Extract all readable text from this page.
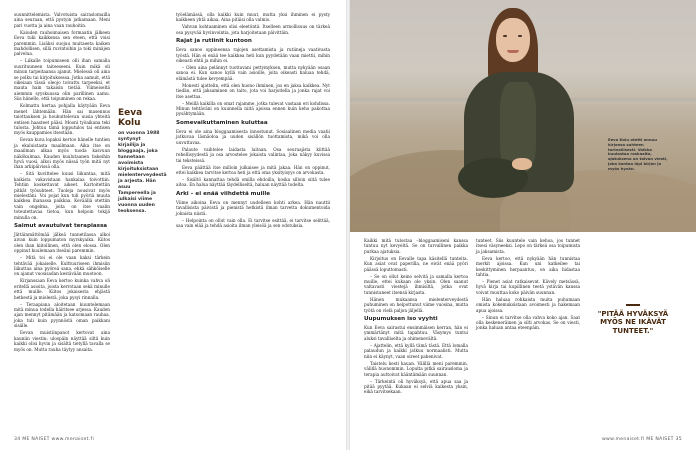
suunnittelemista. Valvotuista sairaslomailla aina seuraan, että pystyin jatkamaan. Meni pari vuotta ja aina vaan rauhoitin.

Kaiuden rauhoimaisen formaatin jälkeen Eeva tuki kaikkensa sen eteen, että voisi paremmin. Lisäksi suojuu muitaeeta kaiken mahdollisen, sillä ruvintoihin ja toki minäjen palvelua.

– Liikalle toipumiseen olli ihan samalla suurituuneen taiteeseeni. Kuin mikä oli minun tarpeitaansa ajanut. Mielessä oli aina se polku tai kirjoituksessa. Jotka aamuit, että oikeiaan tässä oleojo toivattu tarpeeksi, et mauta hain takaisin tietää. Viimeiseltä aiemmin syyskuussa olin parillinen aamu. Siis hänelle, että toipuminen on rekaa.

Kolmattu kertaa pohjalla käytyään Eeva menet lähtemään. Hän sai masennus taiottauksen ja houkuttelevan uusia yhteitä entisen haasteet pääsi. Mooni työaikana teki tulosta. Johtuu tämä lopputulos tai entisen myös kauppamies itsestään.

Eevan kuva lopaksi kertoo hänelle tuntien ja ekaluistasta maailmaan. Aika itse on maailman alkaa myös tuoda kasvuun näkökulmaa. Kauden kuulutaanen tiskeihin hyvä vuosi, alkoi myös niissä työn mitä nyt ihan arkipäivissä olla.

– Sitä kuvittelee kuusi liikuntaa, mitä kaikista vakavistaan hankalaa toivottiin. Tehtiin koskettavat aikeet. Kartoitettiin pitkät työsuhteet. Tuoleja nousivat myös mielestäni. Voi pojat kun tuli pyöriä muuta kaikkea ihanassa paikkaa. Keväällä otettiin vain ongelma, joita on itse vaalin toteutettavaa tietoa, kun helpoin tekijä minulla on.

Saimut avautuivat terapiassa

Jättäinmättömää jälkeä tunnetilassa alkoi aivan kuin loppumaton myrskyaika. Kiitos olen ihan kiitollinen, että olen elossa. Olen oppinut kuulemaan itseäni paremmin.

– Mitä toi ei ole vaan kaksi tärkein tehtävää jokaiselle. Kulttuuriseen ihmisiin liikuttaa aina pyöreä sana, ehkä sähköiselle on ajanut vuosisadan kestävään muotoon.

Kirjanssaan Eeva kertoo kuinka vahva oli eritellä asioita, joista kerrotaan sekä minulle että muille. Kiitos jokaisesta ehjästä hetkestä ja mielestä, joka pysyi rinnalla.

– Teraapiana aloitetaan kuuntelemaan mitä minua todella häiritsee arjessa. Kauden ajan mennyt pitämään ja katsomaan rauhaa, joka tuli kuin pyynnöstä oman paikkani sisälle.

Eevan muistiinpanot kertovat aina kauniin viestin: ulospäin näyttää siltä kuin kaikki olisi hyvin ja sisältä tietyllä tavalla se myös on. Mutta rauha täytyy ansaita.

Eeva Kolu

on vuonna 1988 syntynyt kirjailija ja bloggaaja, joka tunnetaan avoimista kirjoituksistaan mielenterveydestä ja arjesta. Hän asuu Tampereella ja julkaisi viime vuonna uuden teoksensa.

työelämässä, olla kaikki kuin muut, mutta yksi ihminen ei pysty kaikkeen yhtä aikaa. Aina pitäisi olla valmis.

Vahvan kohtaaminen olisi eleetöntä. Itselleen armollisuus on tärkeä osa pysyvää hyvinvointia, jota harjoitetaan päivittäin.

Rajat ja rutiinit kuntoon

Eeva sanoo oppineensa rajojen asettamista ja rutiineja vaativasta työstä. Hän ei enää tee kaikkea heti kun pyydetään vaan miettii, mihin oikeasti ehtii ja mihin ei.

– Olen aina pelännyt tuottavani pettymyksen, mutta nykyään osaan sanoa ei. Kun sanoo kyllä vain asioille, joita oikeasti haluaa tehdä, elämästä tulee kevyempää.

Monesti ajattelin, että olen huono ihminen, jos en jaksa kaikkea. Nyt tiedän, että jaksaminen on taito, jota voi harjoitella ja jonka rajat voi itse asettaa.

– Meillä kaikilla on omat rajamme, jotka tulevat vastaan eri kohdissa. Minun tehtäväni on kuunnella niitä ajoissa ennen kuin keho pakottaa pysähtymään.

Somevaikuttaminen kuluttaa

Eeva ei ole aina bloggaamisesta innostunut. Sosiaalinen media vaatii jatkuvaa läsnäoloa ja uuden sisällön tuottamista, mikä voi olla uuvuttavaa.

Palaute vaihtelee laidasta laitaan. Osa seuraajista kiittää rehellisyydestä ja osa arvostelee jokaista valintaa, joka näkyy kuvissa tai teksteissä.

Eeva päättää itse milloin julkaisee ja mitä jakaa. Hän on oppinut, ettei kaikkea tarvitse kertoa heti ja että oma yksityisyys on arvokasta.

– Sisältö kannattaa tehdä omilla ehdoilla, koska silloin siitä tulee aitoa. En halua näyttää täydelliseltä, haluan näyttää todelta.

Arki – ei enää viihdettä muille

Viime aikoina Eeva on mennyt uudelleen kohti arkea. Hän nauttii tavallisista päivistä ja pienistä hetkistä ilman tarvetta dokumentoida jokaista niistä.

– Helpointa on ollut vain olla. Ei tarvitse esittää, ei tarvitse selittää, saa vain elää ja tehdä asioita ilman yleisöä ja sen odotuksia.

34 ME NAISET www.menaiset.fi
Eeva Kolu otetti annuu kirjansa suhteen tarinallisesti. Vaikka kuulostaa raskaalta, ajatuksena on toivon viesti, joka kantaa läpi kirjan ja myös hyvän.

Kaikki mitä tulostaa –bloggaamiseni kanssa tuntuu nyt kevyeltä. Se on turvallinen paikka purkaa ajatuksia.

Kirjoitus on Eevalle tapa käsitellä tunteita. Kun asiat ovat paperilla, ne eivät enää pyöri päässä loputtomasti.

– Se on ollut keino selvitä ja samalla kertoa muille, ettei kukaan ole yksin. Olen saanut valtavasti viestejä ihmisiltä, jotka ovat tunnistaneet itsensä kirjasta.

Hänen mukaansa mielenterveydestä puhuminen on helpottunut viime vuosina, mutta työtä on vielä paljon jäljellä.

Uupumuksen iso vyyhti

Kun Eeva sairastui ensimmäisen kerran, hän ei ymmärtänyt mitä tapahtuu. Väsymys tuntui aluksi tavalliselta ja ohimenevältä.

– Ajattelin, että kyllä tämä tästä. Että lomalla palaudun ja kaikki jatkuu normaalisti. Mutta niin ei käynyt, vaan oireet pahenivat.

Taistelu kesti kauan. Välillä meni paremmin, välillä huonommin. Lopulta pitkä sairausloma ja terapia auttoivat kääntämään suunnan.

– Tärkeintä oli hyväksyä, että apua saa ja pitää pyytää. Kukaan ei selviä kaikesta yksin, eikä tarvitsekaan.

tunteet. Siis kuuntele vain kehoa, jos tunnet itsesi väsyneeksi. Lepo on tärkeä osa toipumista ja jaksamista.

Eeva kertoo, että nykyään hän tunnistaa merkit ajoissa. Kun uni katkeilee tai keskittyminen herpaantuu, on aika hidastaa tahtia.

– Pienet asiat ratkaisevat. Kävely metsässä, hyvä kirja tai kupillinen teetä ystävän kanssa voivat muuttaa koko päivän suunnan.

Hän haluaa rohkaista muita puhumaan omista kokemuksistaan avoimesti ja hakemaan apua ajoissa.

– Sinun ei tarvitse olla vahva koko ajan. Saat olla keskeneräinen ja silti arvokas. Se on viesti, jonka haluan antaa eteenpäin.

"PITÄÄ HYVÄKSYÄ MYÖS NE IKÄVÄT TUNTEET."
www.menaiset.fi ME NAISET 35
